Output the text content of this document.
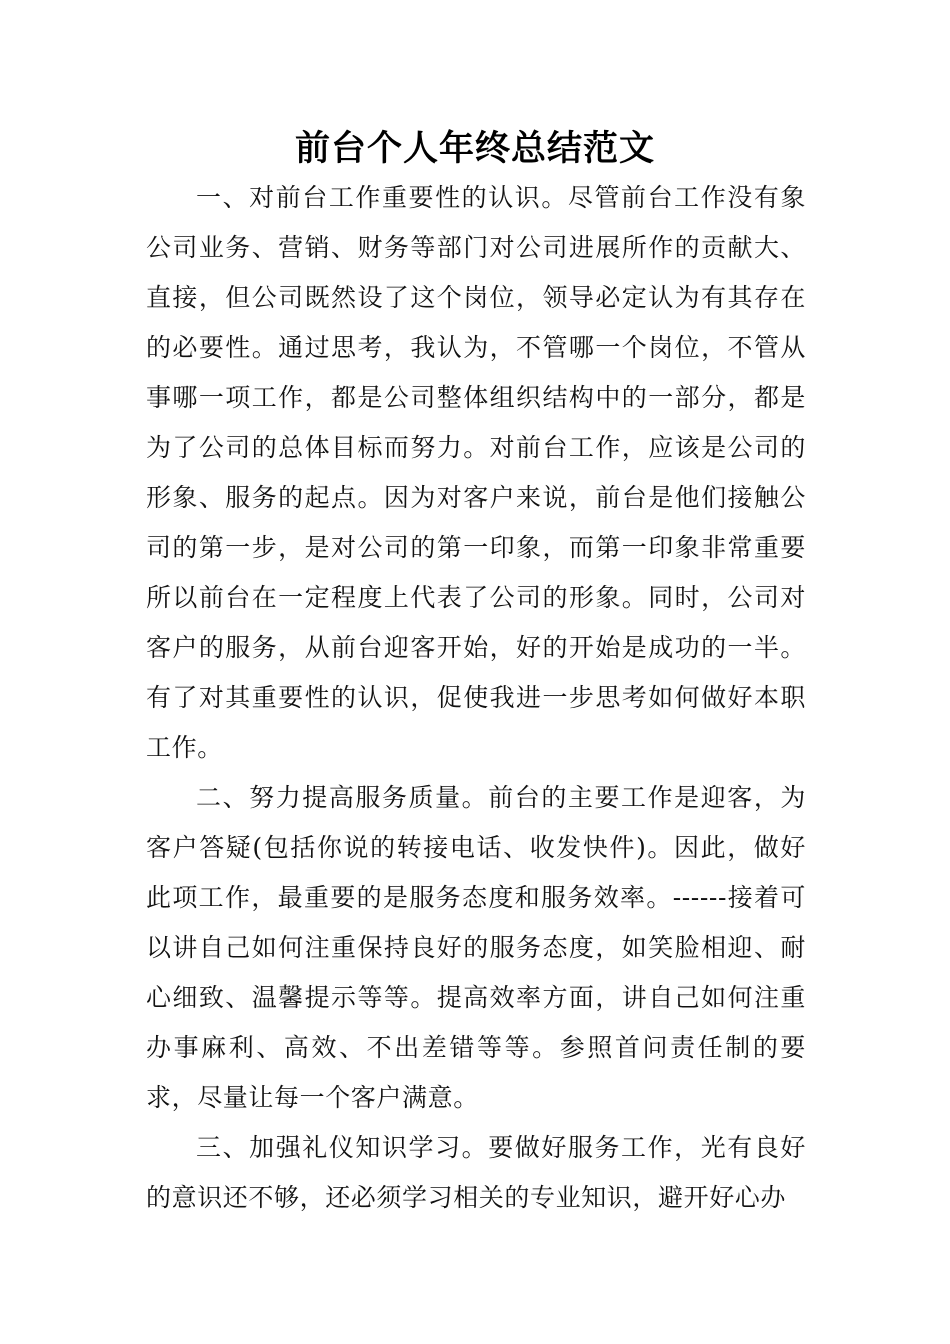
前台个人年终总结范文

一、对前台工作重要性的认识。尽管前台工作没有象公司业务、营销、财务等部门对公司进展所作的贡献大、直接，但公司既然设了这个岗位，领导必定认为有其存在的必要性。通过思考，我认为，不管哪一个岗位，不管从事哪一项工作，都是公司整体组织结构中的一部分，都是为了公司的总体目标而努力。对前台工作，应该是公司的形象、服务的起点。因为对客户来说，前台是他们接触公司的第一步，是对公司的第一印象，而第一印象非常重要所以前台在一定程度上代表了公司的形象。同时，公司对客户的服务，从前台迎客开始，好的开始是成功的一半。有了对其重要性的认识，促使我进一步思考如何做好本职工作。

二、努力提高服务质量。前台的主要工作是迎客，为客户答疑(包括你说的转接电话、收发快件)。因此，做好此项工作，最重要的是服务态度和服务效率。------接着可以讲自己如何注重保持良好的服务态度，如笑脸相迎、耐心细致、温馨提示等等。提高效率方面，讲自己如何注重办事麻利、高效、不出差错等等。参照首问责任制的要求，尽量让每一个客户满意。

三、加强礼仪知识学习。要做好服务工作，光有良好的意识还不够，还必须学习相关的专业知识，避开好心办
